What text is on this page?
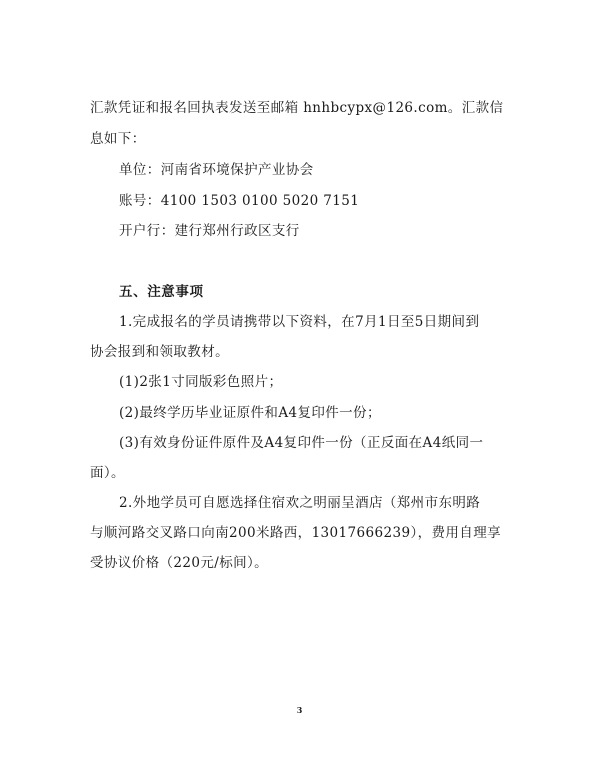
汇款凭证和报名回执表发送至邮箱 hnhbcypx@126.com。汇款信
息如下：
单位：河南省环境保护产业协会
账号：4100 1503 0100 5020 7151
开户行：建行郑州行政区支行
五、注意事项
1.完成报名的学员请携带以下资料，在7月1日至5日期间到
协会报到和领取教材。
(1)2张1寸同版彩色照片；
(2)最终学历毕业证原件和A4复印件一份；
(3)有效身份证件原件及A4复印件一份（正反面在A4纸同一
面）。
2.外地学员可自愿选择住宿欢之明丽呈酒店（郑州市东明路
与顺河路交叉路口向南200米路西，13017666239），费用自理享
受协议价格（220元/标间）。
3
